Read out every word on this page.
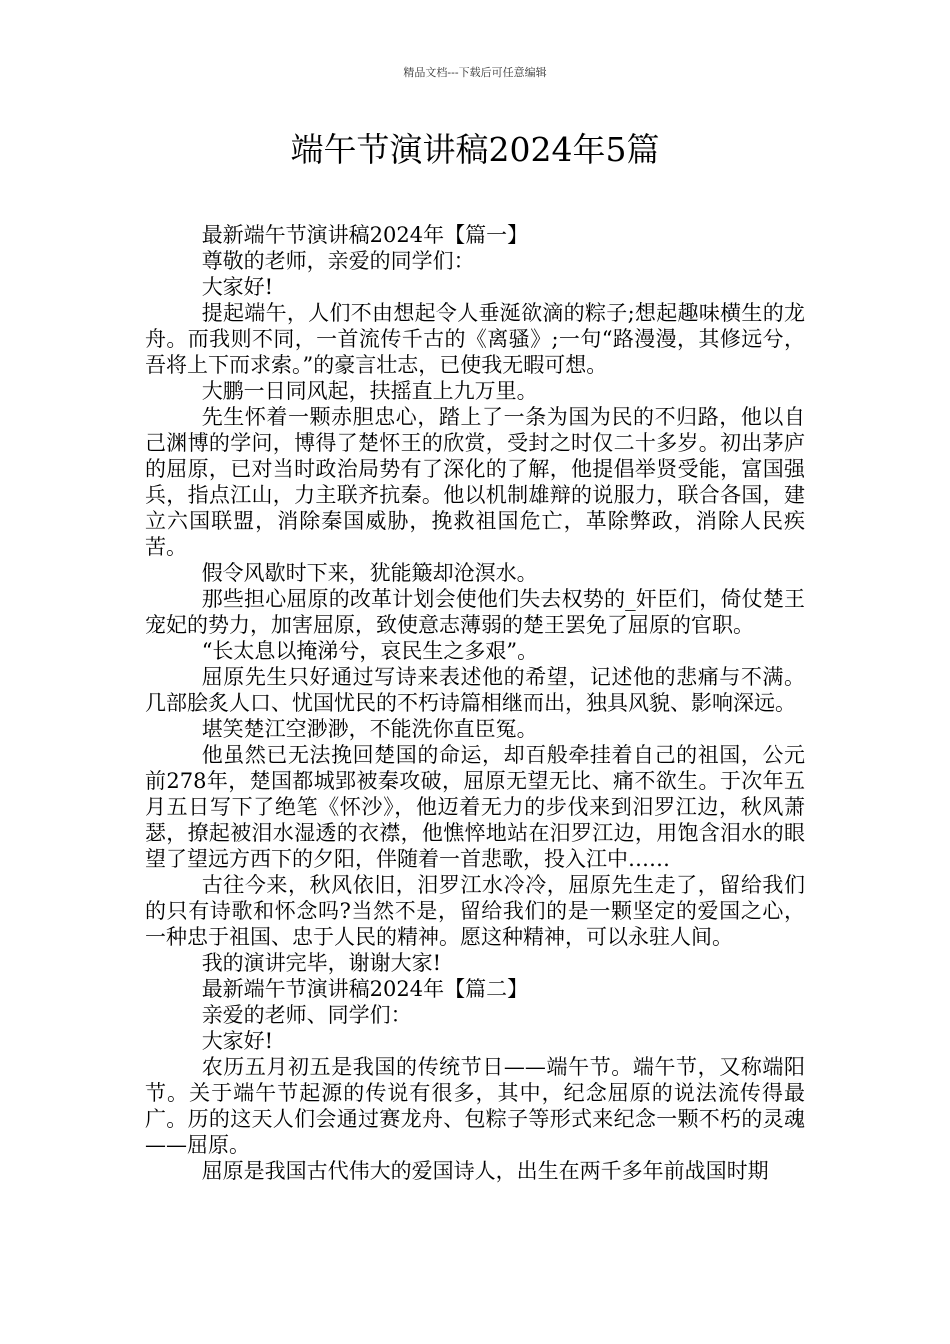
精品文档---下载后可任意编辑
端午节演讲稿2024年5篇

最新端午节演讲稿2024年【篇一】

尊敬的老师，亲爱的同学们：

大家好!

提起端午，人们不由想起令人垂涎欲滴的粽子;想起趣味横生的龙舟。而我则不同，一首流传千古的《离骚》;一句“路漫漫，其修远兮，吾将上下而求索。”的豪言壮志，已使我无暇可想。

大鹏一日同风起，扶摇直上九万里。

先生怀着一颗赤胆忠心，踏上了一条为国为民的不归路，他以自己渊博的学问，博得了楚怀王的欣赏，受封之时仅二十多岁。初出茅庐的屈原，已对当时政治局势有了深化的了解，他提倡举贤受能，富国强兵，指点江山，力主联齐抗秦。他以机制雄辩的说服力，联合各国，建立六国联盟，消除秦国威胁，挽救祖国危亡，革除弊政，消除人民疾苦。

假令风歇时下来，犹能簸却沧溟水。

那些担心屈原的改革计划会使他们失去权势的_奸臣们，倚仗楚王宠妃的势力，加害屈原，致使意志薄弱的楚王罢免了屈原的官职。

“长太息以掩涕兮，哀民生之多艰”。

屈原先生只好通过写诗来表述他的希望，记述他的悲痛与不满。几部脍炙人口、忧国忧民的不朽诗篇相继而出，独具风貌、影响深远。

堪笑楚江空渺渺，不能洗你直臣冤。

他虽然已无法挽回楚国的命运，却百般牵挂着自己的祖国，公元前278年，楚国都城郢被秦攻破，屈原无望无比、痛不欲生。于次年五月五日写下了绝笔《怀沙》，他迈着无力的步伐来到汨罗江边，秋风萧瑟，撩起被泪水湿透的衣襟，他憔悴地站在汨罗江边，用饱含泪水的眼望了望远方西下的夕阳，伴随着一首悲歌，投入江中……

古往今来，秋风依旧，汨罗江水冷冷，屈原先生走了，留给我们的只有诗歌和怀念吗?当然不是，留给我们的是一颗坚定的爱国之心，一种忠于祖国、忠于人民的精神。愿这种精神，可以永驻人间。

我的演讲完毕，谢谢大家!

最新端午节演讲稿2024年【篇二】

亲爱的老师、同学们：

大家好!

农历五月初五是我国的传统节日——端午节。端午节，又称端阳节。关于端午节起源的传说有很多，其中，纪念屈原的说法流传得最广。历的这天人们会通过赛龙舟、包粽子等形式来纪念一颗不朽的灵魂——屈原。

屈原是我国古代伟大的爱国诗人，出生在两千多年前战国时期
